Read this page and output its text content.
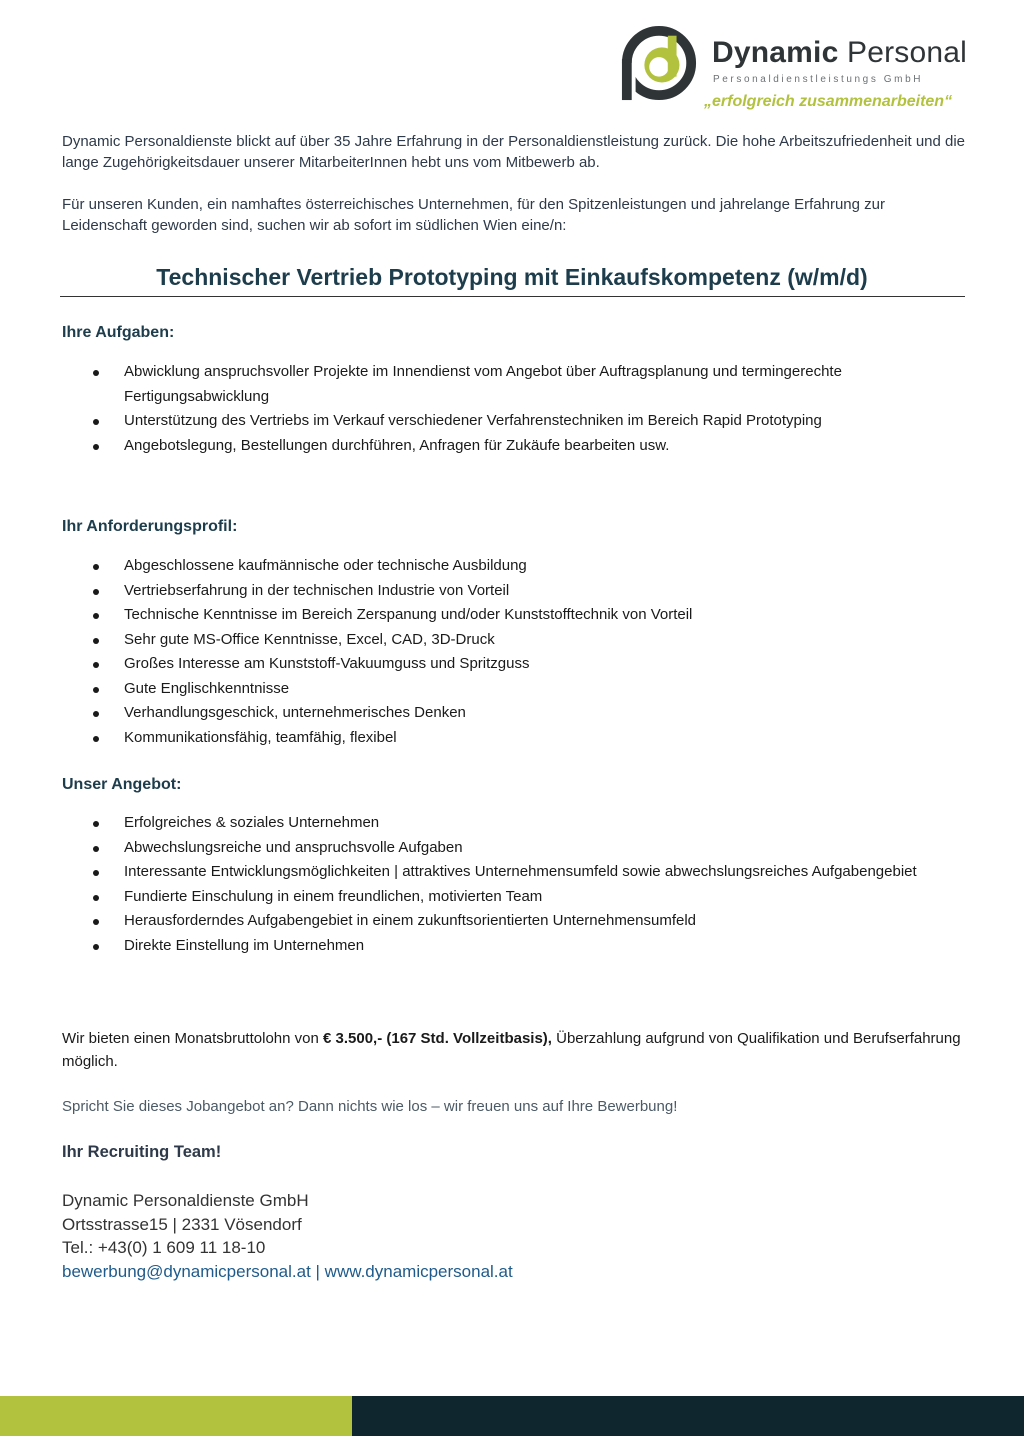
Dynamic Personal
Personaldienstleistungs GmbH
„erfolgreich zusammenarbeiten“
Dynamic Personaldienste blickt auf über 35 Jahre Erfahrung in der Personaldienstleistung zurück. Die hohe Arbeitszufriedenheit und die lange Zugehörigkeitsdauer unserer MitarbeiterInnen hebt uns vom Mitbewerb ab.
Für unseren Kunden, ein namhaftes österreichisches Unternehmen, für den Spitzenleistungen und jahrelange Erfahrung zur Leidenschaft geworden sind, suchen wir ab sofort im südlichen Wien eine/n:
Technischer Vertrieb Prototyping mit Einkaufskompetenz (w/m/d)
Ihre Aufgaben:
Abwicklung anspruchsvoller Projekte im Innendienst vom Angebot über Auftragsplanung und termingerechte Fertigungsabwicklung
Unterstützung des Vertriebs im Verkauf verschiedener Verfahrenstechniken im Bereich Rapid Prototyping
Angebotslegung, Bestellungen durchführen, Anfragen für Zukäufe bearbeiten usw.
Ihr Anforderungsprofil:
Abgeschlossene kaufmännische oder technische Ausbildung
Vertriebserfahrung in der technischen Industrie von Vorteil
Technische Kenntnisse im Bereich Zerspanung und/oder Kunststofftechnik von Vorteil
Sehr gute MS-Office Kenntnisse, Excel, CAD, 3D-Druck
Großes Interesse am Kunststoff-Vakuumguss und Spritzguss
Gute Englischkenntnisse
Verhandlungsgeschick, unternehmerisches Denken
Kommunikationsfähig, teamfähig, flexibel
Unser Angebot:
Erfolgreiches & soziales Unternehmen
Abwechslungsreiche und anspruchsvolle Aufgaben
Interessante Entwicklungsmöglichkeiten | attraktives Unternehmensumfeld sowie abwechslungsreiches Aufgabengebiet
Fundierte Einschulung in einem freundlichen, motivierten Team
Herausforderndes Aufgabengebiet in einem zukunftsorientierten Unternehmensumfeld
Direkte Einstellung im Unternehmen
Wir bieten einen Monatsbruttolohn von € 3.500,- (167 Std. Vollzeitbasis), Überzahlung aufgrund von Qualifikation und Berufserfahrung möglich.
Spricht Sie dieses Jobangebot an? Dann nichts wie los – wir freuen uns auf Ihre Bewerbung!
Ihr Recruiting Team!
Dynamic Personaldienste GmbH
Ortsstrasse15 | 2331 Vösendorf
Tel.: +43(0) 1 609 11 18-10
bewerbung@dynamicpersonal.at | www.dynamicpersonal.at
